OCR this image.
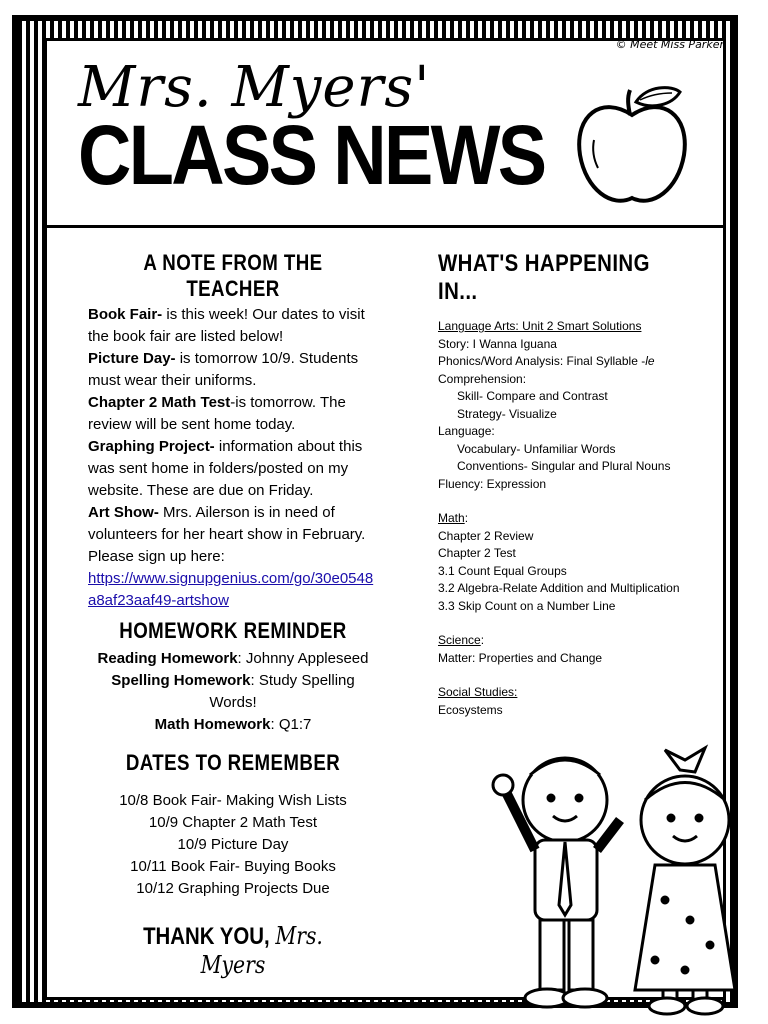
© Meet Miss Parker
Mrs. Myers'
CLASS NEWS
A NOTE FROM THE TEACHER
Book Fair- is this week! Our dates to visit the book fair are listed below!
Picture Day- is tomorrow 10/9. Students must wear their uniforms.
Chapter 2 Math Test-is tomorrow. The review will be sent home today.
Graphing Project- information about this was sent home in folders/posted on my website. These are due on Friday.
Art Show- Mrs. Ailerson is in need of volunteers for her heart show in February. Please sign up here:
https://www.signupgenius.com/go/30e0548a8af23aaf49-artshow
HOMEWORK REMINDER
Reading Homework: Johnny Appleseed
Spelling Homework: Study Spelling Words!
Math Homework: Q1:7
DATES TO REMEMBER
10/8 Book Fair- Making Wish Lists
10/9 Chapter 2 Math Test
10/9 Picture Day
10/11 Book Fair- Buying Books
10/12 Graphing Projects Due
THANK YOU, Mrs. Myers
WHAT'S HAPPENING IN...
Language Arts: Unit 2 Smart Solutions
Story: I Wanna Iguana
Phonics/Word Analysis: Final Syllable -le
Comprehension:
Skill- Compare and Contrast
Strategy- Visualize
Language:
Vocabulary- Unfamiliar Words
Conventions- Singular and Plural Nouns
Fluency: Expression
Math:
Chapter 2 Review
Chapter 2 Test
3.1 Count Equal Groups
3.2 Algebra-Relate Addition and Multiplication
3.3 Skip Count on a Number Line
Science:
Matter: Properties and Change
Social Studies:
Ecosystems
